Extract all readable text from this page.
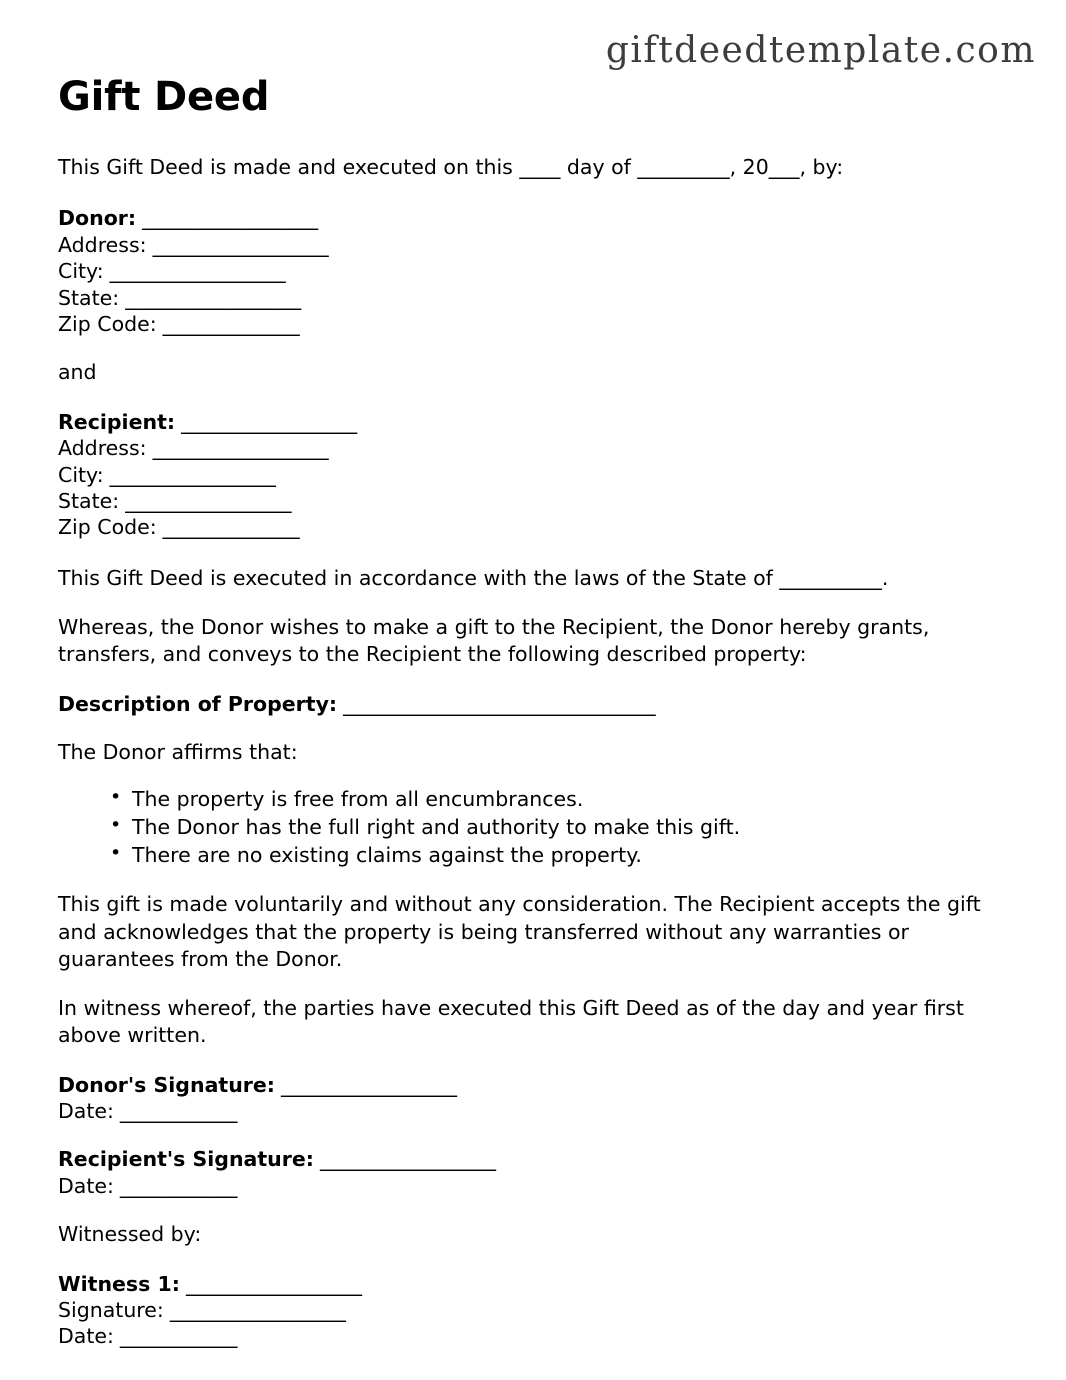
giftdeedtemplate.com
Gift Deed

This Gift Deed is made and executed on this ____ day of _________, 20___, by:

Donor: __________________
Address: __________________
City: __________________
State: __________________
Zip Code: ______________

and

Recipient: __________________
Address: __________________
City: _________________
State: _________________
Zip Code: ______________

This Gift Deed is executed in accordance with the laws of the State of __________.

Whereas, the Donor wishes to make a gift to the Recipient, the Donor hereby grants, transfers, and conveys to the Recipient the following described property:

Description of Property: ________________________________

The Donor affirms that:

• The property is free from all encumbrances.
• The Donor has the full right and authority to make this gift.
• There are no existing claims against the property.

This gift is made voluntarily and without any consideration. The Recipient accepts the gift and acknowledges that the property is being transferred without any warranties or guarantees from the Donor.

In witness whereof, the parties have executed this Gift Deed as of the day and year first above written.

Donor's Signature: __________________
Date: ____________
Recipient's Signature: __________________
Date: ____________

Witnessed by:

Witness 1: __________________
Signature: __________________
Date: ____________
